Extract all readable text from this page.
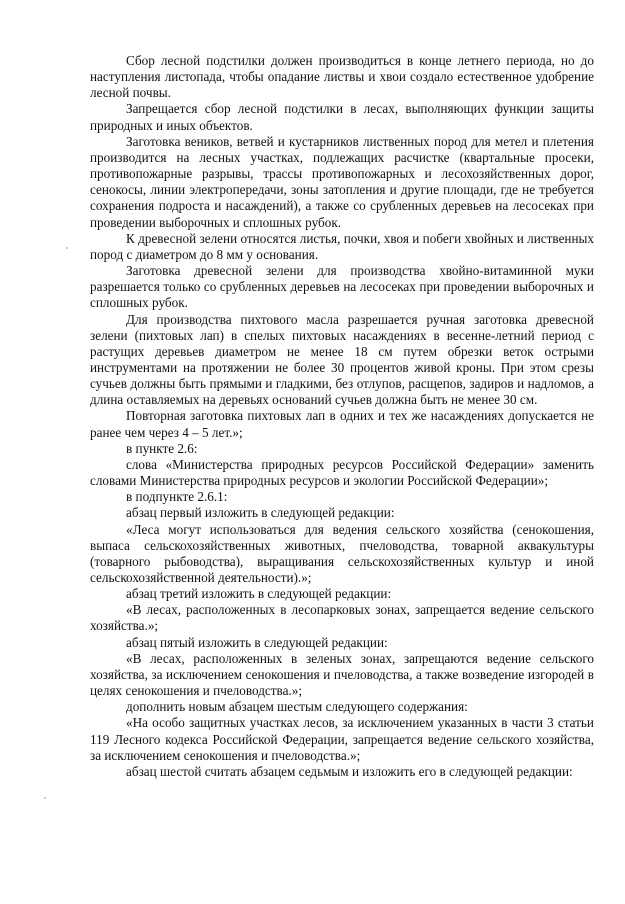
Сбор лесной подстилки должен производиться в конце летнего периода, но до наступления листопада, чтобы опадание листвы и хвои создало естественное удобрение лесной почвы.

Запрещается сбор лесной подстилки в лесах, выполняющих функции защиты природных и иных объектов.

Заготовка веников, ветвей и кустарников лиственных пород для метел и плетения производится на лесных участках, подлежащих расчистке (квартальные просеки, противопожарные разрывы, трассы противопожарных и лесохозяйственных дорог, сенокосы, линии электропередачи, зоны затопления и другие площади, где не требуется сохранения подроста и насаждений), а также со срубленных деревьев на лесосеках при проведении выборочных и сплошных рубок.

К древесной зелени относятся листья, почки, хвоя и побеги хвойных и лиственных пород с диаметром до 8 мм у основания.

Заготовка древесной зелени для производства хвойно-витаминной муки разрешается только со срубленных деревьев на лесосеках при проведении выборочных и сплошных рубок.

Для производства пихтового масла разрешается ручная заготовка древесной зелени (пихтовых лап) в спелых пихтовых насаждениях в весенне-летний период с растущих деревьев диаметром не менее 18 см путем обрезки веток острыми инструментами на протяжении не более 30 процентов живой кроны. При этом срезы сучьев должны быть прямыми и гладкими, без отлупов, расщепов, задиров и надломов, а длина оставляемых на деревьях оснований сучьев должна быть не менее 30 см.

Повторная заготовка пихтовых лап в одних и тех же насаждениях допускается не ранее чем через 4 – 5 лет.»;

в пункте 2.6:

слова «Министерства природных ресурсов Российской Федерации» заменить словами Министерства природных ресурсов и экологии Российской Федерации»;

в подпункте 2.6.1:

абзац первый изложить в следующей редакции:

«Леса могут использоваться для ведения сельского хозяйства (сенокошения, выпаса сельскохозяйственных животных, пчеловодства, товарной аквакультуры (товарного рыбоводства), выращивания сельскохозяйственных культур и иной сельскохозяйственной деятельности).»;

абзац третий изложить в следующей редакции:

«В лесах, расположенных в лесопарковых зонах, запрещается ведение сельского хозяйства.»;

абзац пятый изложить в следующей редакции:

«В лесах, расположенных в зеленых зонах, запрещаются ведение сельского хозяйства, за исключением сенокошения и пчеловодства, а также возведение изгородей в целях сенокошения и пчеловодства.»;

дополнить новым абзацем шестым следующего содержания:

«На особо защитных участках лесов, за исключением указанных в части 3 статьи 119 Лесного кодекса Российской Федерации, запрещается ведение сельского хозяйства, за исключением сенокошения и пчеловодства.»;

абзац шестой считать абзацем седьмым и изложить его в следующей редакции:
